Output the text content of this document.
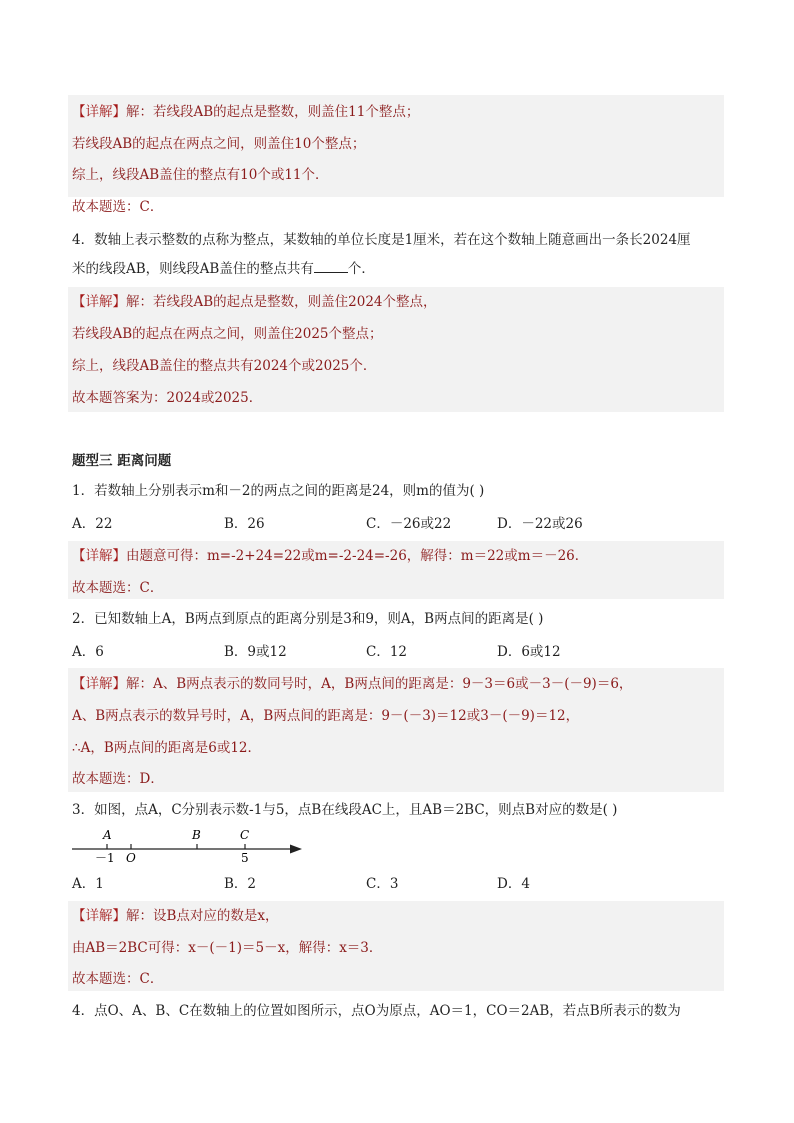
【详解】解：若线段AB的起点是整数，则盖住11个整点；
若线段AB的起点在两点之间，则盖住10个整点；
综上，线段AB盖住的整点有10个或11个．
故本题选：C．
4．数轴上表示整数的点称为整点，某数轴的单位长度是1厘米，若在这个数轴上随意画出一条长2024厘
米的线段AB，则线段AB盖住的整点共有	个．
【详解】解：若线段AB的起点是整数，则盖住2024个整点，
若线段AB的起点在两点之间，则盖住2025个整点；
综上，线段AB盖住的整点共有2024个或2025个．
故本题答案为：2024或2025．
题型三 距离问题
1．若数轴上分别表示m和－2的两点之间的距离是24，则m的值为( )
A．22	B．26	C．－26或22	D．－22或26
【详解】由题意可得：m=-2+24=22或m=-2-24=-26，解得：m＝22或m＝－26．
故本题选：C．
2．已知数轴上A，B两点到原点的距离分别是3和9，则A，B两点间的距离是( )
A．6	B．9或12	C．12	D．6或12
【详解】解：A、B两点表示的数同号时，A，B两点间的距离是：9－3＝6或－3－(－9)＝6，
A、B两点表示的数异号时，A，B两点间的距离是：9－(－3)＝12或3－(－9)＝12，
∴A，B两点间的距离是6或12．
故本题选：D．
3．如图，点A，C分别表示数-1与5，点B在线段AC上，且AB＝2BC，则点B对应的数是( )
A	B	C
－1 O	5
A．1	B．2	C．3	D．4
【详解】解：设B点对应的数是x，
由AB＝2BC可得：x－(－1)＝5－x，解得：x＝3．
故本题选：C．
4．点O、A、B、C在数轴上的位置如图所示，点O为原点，AO＝1，CO＝2AB，若点B所表示的数为
